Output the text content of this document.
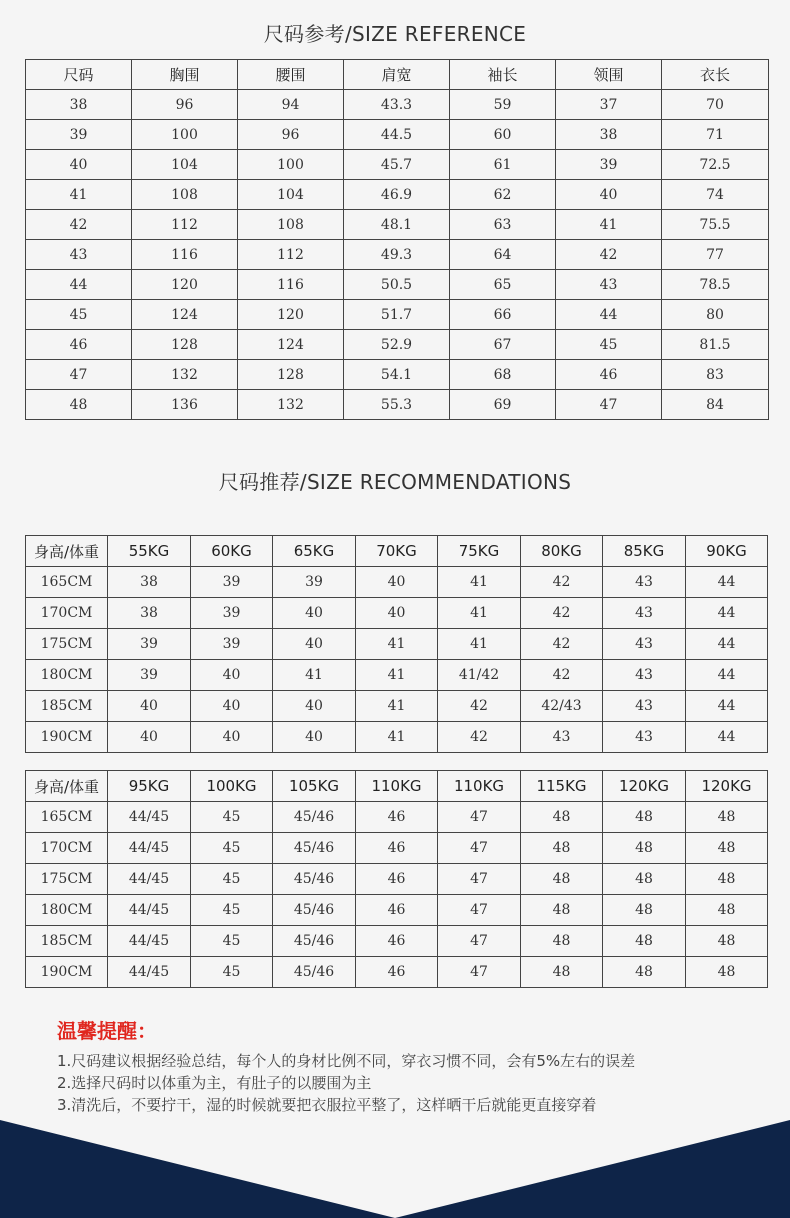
尺码参考/SIZE REFERENCE
尺码	胸围	腰围	肩宽	袖长	领围	衣长
38	96	94	43.3	59	37	70
39	100	96	44.5	60	38	71
40	104	100	45.7	61	39	72.5
41	108	104	46.9	62	40	74
42	112	108	48.1	63	41	75.5
43	116	112	49.3	64	42	77
44	120	116	50.5	65	43	78.5
45	124	120	51.7	66	44	80
46	128	124	52.9	67	45	81.5
47	132	128	54.1	68	46	83
48	136	132	55.3	69	47	84
尺码推荐/SIZE RECOMMENDATIONS
身高/体重	55KG	60KG	65KG	70KG	75KG	80KG	85KG	90KG
165CM	38	39	39	40	41	42	43	44
170CM	38	39	40	40	41	42	43	44
175CM	39	39	40	41	41	42	43	44
180CM	39	40	41	41	41/42	42	43	44
185CM	40	40	40	41	42	42/43	43	44
190CM	40	40	40	41	42	43	43	44
身高/体重	95KG	100KG	105KG	110KG	110KG	115KG	120KG	120KG
165CM	44/45	45	45/46	46	47	48	48	48
170CM	44/45	45	45/46	46	47	48	48	48
175CM	44/45	45	45/46	46	47	48	48	48
180CM	44/45	45	45/46	46	47	48	48	48
185CM	44/45	45	45/46	46	47	48	48	48
190CM	44/45	45	45/46	46	47	48	48	48
温馨提醒：
1.尺码建议根据经验总结，每个人的身材比例不同，穿衣习惯不同，会有5%左右的误差
2.选择尺码时以体重为主，有肚子的以腰围为主
3.清洗后，不要拧干，湿的时候就要把衣服拉平整了，这样晒干后就能更直接穿着
